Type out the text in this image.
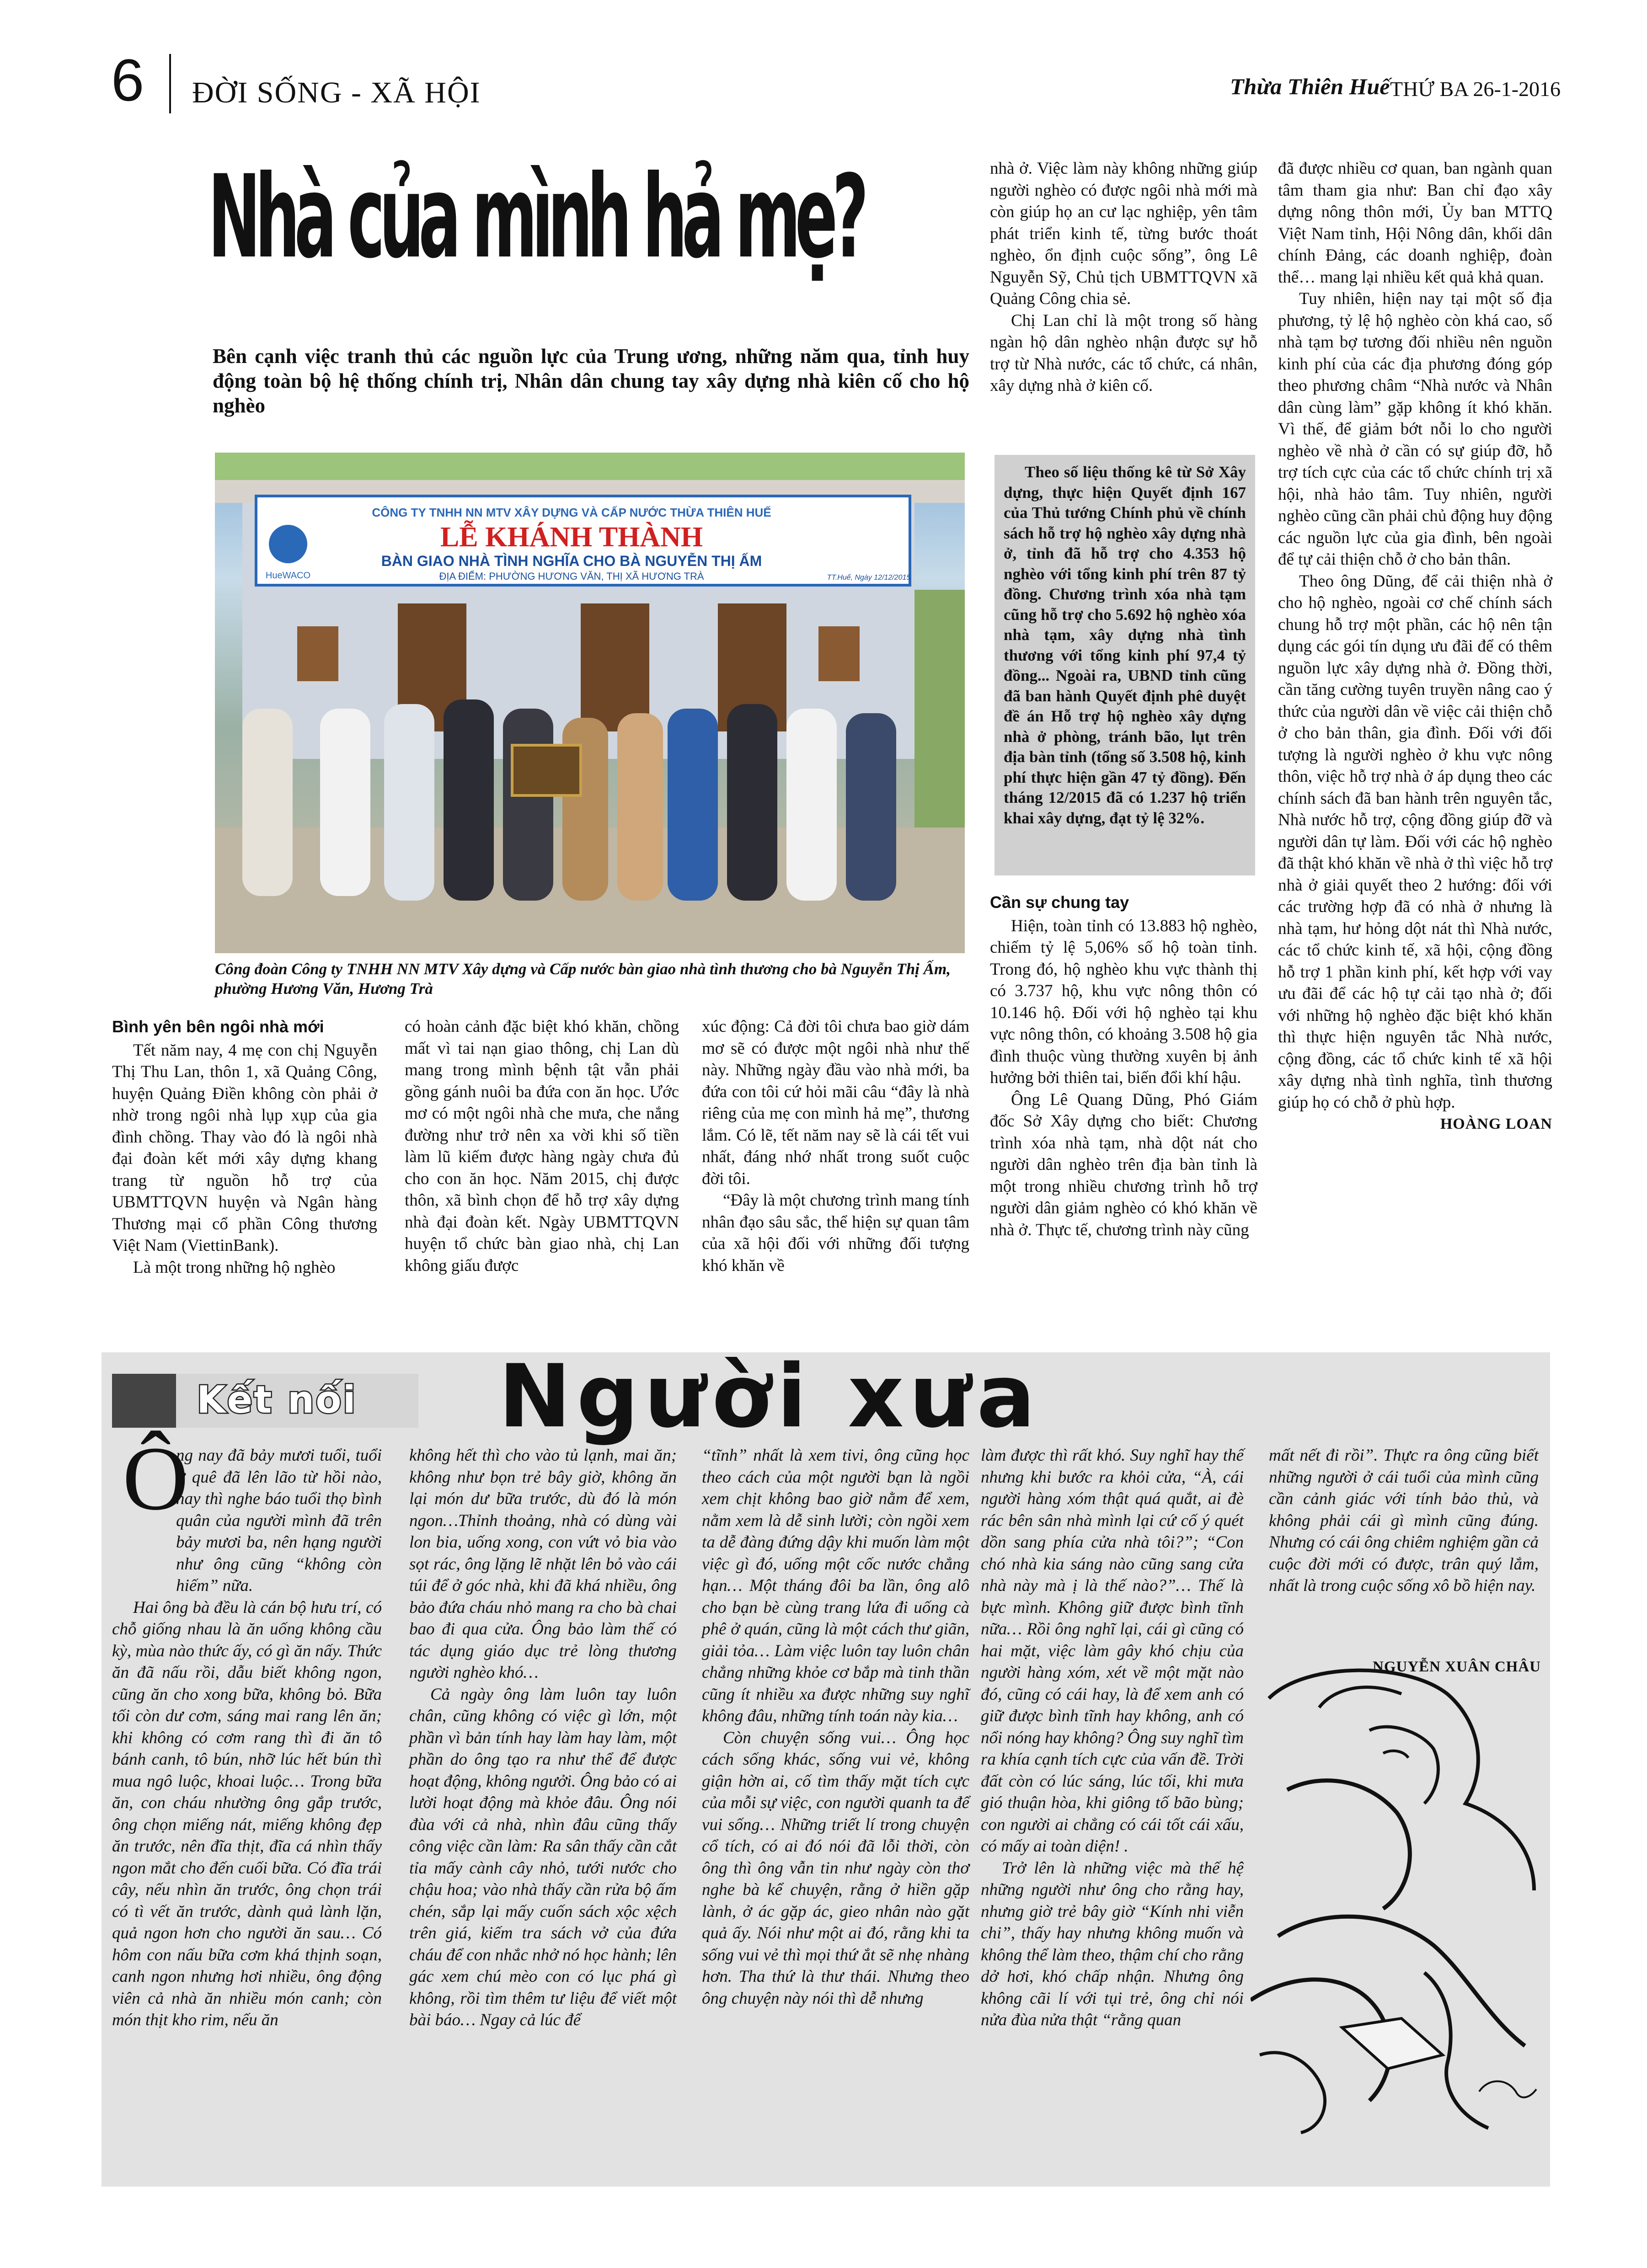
6 ĐỜI SỐNG - XÃ HỘI	Thừa Thiên Huế THỨ BA 26-1-2016
Nhà của mình hả mẹ?
Bên cạnh việc tranh thủ các nguồn lực của Trung ương, những năm qua, tỉnh huy động toàn bộ hệ thống chính trị, Nhân dân chung tay xây dựng nhà kiên cố cho hộ nghèo
HueWACO
CÔNG TY TNHH NN MTV XÂY DỰNG VÀ CẤP NƯỚC THỪA THIÊN HUẾ
LỄ KHÁNH THÀNH
BÀN GIAO NHÀ TÌNH NGHĨA CHO BÀ NGUYỄN THỊ ẤM
ĐỊA ĐIỂM: PHƯỜNG HƯƠNG VĂN, THỊ XÃ HƯƠNG TRÀ	TT.Huế, Ngày 12/12/2015
Công đoàn Công ty TNHH NN MTV Xây dựng và Cấp nước bàn giao nhà tình thương cho bà Nguyễn Thị Ấm, phường Hương Văn, Hương Trà
Bình yên bên ngôi nhà mới

Tết năm nay, 4 mẹ con chị Nguyễn Thị Thu Lan, thôn 1, xã Quảng Công, huyện Quảng Điền không còn phải ở nhờ trong ngôi nhà lụp xụp của gia đình chồng. Thay vào đó là ngôi nhà đại đoàn kết mới xây dựng khang trang từ nguồn hỗ trợ của UBMTTQVN huyện và Ngân hàng Thương mại cổ phần Công thương Việt Nam (ViettinBank).

Là một trong những hộ nghèo

có hoàn cảnh đặc biệt khó khăn, chồng mất vì tai nạn giao thông, chị Lan dù mang trong mình bệnh tật vẫn phải gồng gánh nuôi ba đứa con ăn học. Ước mơ có một ngôi nhà che mưa, che nắng đường như trở nên xa vời khi số tiền làm lũ kiếm được hàng ngày chưa đủ cho con ăn học. Năm 2015, chị được thôn, xã bình chọn để hỗ trợ xây dựng nhà đại đoàn kết. Ngày UBMTTQVN huyện tổ chức bàn giao nhà, chị Lan không giấu được

xúc động: Cả đời tôi chưa bao giờ dám mơ sẽ có được một ngôi nhà như thế này. Những ngày đầu vào nhà mới, ba đứa con tôi cứ hỏi mãi câu “đây là nhà riêng của mẹ con mình hả mẹ”, thương lắm. Có lẽ, tết năm nay sẽ là cái tết vui nhất, đáng nhớ nhất trong suốt cuộc đời tôi.

“Đây là một chương trình mang tính nhân đạo sâu sắc, thể hiện sự quan tâm của xã hội đối với những đối tượng khó khăn về

nhà ở. Việc làm này không những giúp người nghèo có được ngôi nhà mới mà còn giúp họ an cư lạc nghiệp, yên tâm phát triển kinh tế, từng bước thoát nghèo, ổn định cuộc sống”, ông Lê Nguyễn Sỹ, Chủ tịch UBMTTQVN xã Quảng Công chia sẻ.

Chị Lan chỉ là một trong số hàng ngàn hộ dân nghèo nhận được sự hỗ trợ từ Nhà nước, các tổ chức, cá nhân, xây dựng nhà ở kiên cố.

Theo số liệu thống kê từ Sở Xây dựng, thực hiện Quyết định 167 của Thủ tướng Chính phủ về chính sách hỗ trợ hộ nghèo xây dựng nhà ở, tỉnh đã hỗ trợ cho 4.353 hộ nghèo với tổng kinh phí trên 87 tỷ đồng. Chương trình xóa nhà tạm cũng hỗ trợ cho 5.692 hộ nghèo xóa nhà tạm, xây dựng nhà tình thương với tổng kinh phí 97,4 tỷ đồng... Ngoài ra, UBND tỉnh cũng đã ban hành Quyết định phê duyệt đề án Hỗ trợ hộ nghèo xây dựng nhà ở phòng, tránh bão, lụt trên địa bàn tỉnh (tổng số 3.508 hộ, kinh phí thực hiện gần 47 tỷ đồng). Đến tháng 12/2015 đã có 1.237 hộ triển khai xây dựng, đạt tỷ lệ 32%.

Cần sự chung tay

Hiện, toàn tỉnh có 13.883 hộ nghèo, chiếm tỷ lệ 5,06% số hộ toàn tỉnh. Trong đó, hộ nghèo khu vực thành thị có 3.737 hộ, khu vực nông thôn có 10.146 hộ. Đối với hộ nghèo tại khu vực nông thôn, có khoảng 3.508 hộ gia đình thuộc vùng thường xuyên bị ảnh hưởng bởi thiên tai, biến đổi khí hậu.

Ông Lê Quang Dũng, Phó Giám đốc Sở Xây dựng cho biết: Chương trình xóa nhà tạm, nhà dột nát cho người dân nghèo trên địa bàn tỉnh là một trong nhiều chương trình hỗ trợ người dân giảm nghèo có khó khăn về nhà ở. Thực tế, chương trình này cũng

đã được nhiều cơ quan, ban ngành quan tâm tham gia như: Ban chỉ đạo xây dựng nông thôn mới, Ủy ban MTTQ Việt Nam tỉnh, Hội Nông dân, khối dân chính Đảng, các doanh nghiệp, đoàn thể… mang lại nhiều kết quả khả quan.

Tuy nhiên, hiện nay tại một số địa phương, tỷ lệ hộ nghèo còn khá cao, số nhà tạm bợ tương đối nhiều nên nguồn kinh phí của các địa phương đóng góp theo phương châm “Nhà nước và Nhân dân cùng làm” gặp không ít khó khăn. Vì thế, để giảm bớt nỗi lo cho người nghèo về nhà ở cần có sự giúp đỡ, hỗ trợ tích cực của các tổ chức chính trị xã hội, nhà hảo tâm. Tuy nhiên, người nghèo cũng cần phải chủ động huy động các nguồn lực của gia đình, bên ngoài để tự cải thiện chỗ ở cho bản thân.

Theo ông Dũng, để cải thiện nhà ở cho hộ nghèo, ngoài cơ chế chính sách chung hỗ trợ một phần, các hộ nên tận dụng các gói tín dụng ưu đãi để có thêm nguồn lực xây dựng nhà ở. Đồng thời, cần tăng cường tuyên truyền nâng cao ý thức của người dân về việc cải thiện chỗ ở cho bản thân, gia đình. Đối với đối tượng là người nghèo ở khu vực nông thôn, việc hỗ trợ nhà ở áp dụng theo các chính sách đã ban hành trên nguyên tắc, Nhà nước hỗ trợ, cộng đồng giúp đỡ và người dân tự làm. Đối với các hộ nghèo đã thật khó khăn về nhà ở thì việc hỗ trợ nhà ở giải quyết theo 2 hướng: đối với các trường hợp đã có nhà ở nhưng là nhà tạm, hư hỏng dột nát thì Nhà nước, các tổ chức kinh tế, xã hội, cộng đồng hỗ trợ 1 phần kinh phí, kết hợp với vay ưu đãi để các hộ tự cải tạo nhà ở; đối với những hộ nghèo đặc biệt khó khăn thì thực hiện nguyên tắc Nhà nước, cộng đồng, các tổ chức kinh tế xã hội xây dựng nhà tình nghĩa, tình thương giúp họ có chỗ ở phù hợp.

HOÀNG LOAN
Kết nối Người xưa
Ô

ng nay đã bảy mươi tuổi, tuổi ở quê đã lên lão từ hồi nào, nay thì nghe báo tuổi thọ bình quân của người mình đã trên bảy mươi ba, nên hạng người như ông cũng “không còn hiếm” nữa.

Hai ông bà đều là cán bộ hưu trí, có chỗ giống nhau là ăn uống không cầu kỳ, mùa nào thức ấy, có gì ăn nấy. Thức ăn đã nấu rồi, dẫu biết không ngon, cũng ăn cho xong bữa, không bỏ. Bữa tối còn dư cơm, sáng mai rang lên ăn; khi không có cơm rang thì đi ăn tô bánh canh, tô bún, nhỡ lúc hết bún thì mua ngô luộc, khoai luộc… Trong bữa ăn, con cháu nhường ông gắp trước, ông chọn miếng nát, miếng không đẹp ăn trước, nên đĩa thịt, đĩa cá nhìn thấy ngon mắt cho đến cuối bữa. Có đĩa trái cây, nếu nhìn ăn trước, ông chọn trái có tì vết ăn trước, dành quả lành lặn, quả ngon hơn cho người ăn sau… Có hôm con nấu bữa cơm khá thịnh soạn, canh ngon nhưng hơi nhiều, ông động viên cả nhà ăn nhiều món canh; còn món thịt kho rim, nếu ăn

không hết thì cho vào tủ lạnh, mai ăn; không như bọn trẻ bây giờ, không ăn lại món dư bữa trước, dù đó là món ngon…Thỉnh thoảng, nhà có dùng vài lon bia, uống xong, con vứt vỏ bia vào sọt rác, ông lặng lẽ nhặt lên bỏ vào cái túi để ở góc nhà, khi đã khá nhiều, ông bảo đứa cháu nhỏ mang ra cho bà chai bao đi qua cửa. Ông bảo làm thế có tác dụng giáo dục trẻ lòng thương người nghèo khó…

Cả ngày ông làm luôn tay luôn chân, cũng không có việc gì lớn, một phần vì bản tính hay làm hay làm, một phần do ông tạo ra như thể để được hoạt động, không ngưởi. Ông bảo có ai lười hoạt động mà khỏe đâu. Ông nói đùa với cả nhà, nhìn đâu cũng thấy công việc cần làm: Ra sân thấy cần cắt tỉa mấy cành cây nhỏ, tưới nước cho chậu hoa; vào nhà thấy cần rửa bộ ấm chén, sắp lại mấy cuốn sách xộc xệch trên giá, kiếm tra sách vở của đứa cháu để con nhắc nhở nó học hành; lên gác xem chú mèo con có lục phá gì không, rồi tìm thêm tư liệu để viết một bài báo… Ngay cả lúc để

“tĩnh” nhất là xem tivi, ông cũng học theo cách của một người bạn là ngồi xem chịt không bao giờ nằm để xem, nằm xem là dễ sinh lười; còn ngồi xem ta dễ đàng đứng dậy khi muốn làm một việc gì đó, uống một cốc nước chẳng hạn… Một tháng đôi ba lần, ông alô cho bạn bè cùng trang lứa đi uống cà phê ở quán, cũng là một cách thư giãn, giải tỏa… Làm việc luôn tay luôn chân chẳng những khỏe cơ bắp mà tinh thần cũng ít nhiều xa được những suy nghĩ không đâu, những tính toán này kia…

Còn chuyện sống vui… Ông học cách sống khác, sống vui vẻ, không giận hờn ai, cố tìm thấy mặt tích cực của mỗi sự việc, con người quanh ta để vui sống… Những triết lí trong chuyện cổ tích, có ai đó nói đã lỗi thời, còn ông thì ông vẫn tin như ngày còn thơ nghe bà kể chuyện, rằng ở hiền gặp lành, ở ác gặp ác, gieo nhân nào gặt quả ấy. Nói như một ai đó, rằng khi ta sống vui vẻ thì mọi thứ ắt sẽ nhẹ nhàng hơn. Tha thứ là thư thái. Nhưng theo ông chuyện này nói thì dễ nhưng

làm được thì rất khó. Suy nghĩ hay thế nhưng khi bước ra khỏi cửa, “À, cái người hàng xóm thật quá quắt, ai đè rác bên sân nhà mình lại cứ cố ý quét dồn sang phía cửa nhà tôi?”; “Con chó nhà kia sáng nào cũng sang cửa nhà này mà ị là thế nào?”… Thế là bực mình. Không giữ được bình tĩnh nữa… Rồi ông nghĩ lại, cái gì cũng có hai mặt, việc làm gây khó chịu của người hàng xóm, xét về một mặt nào đó, cũng có cái hay, là để xem anh có giữ được bình tĩnh hay không, anh có nổi nóng hay không? Ông suy nghĩ tìm ra khía cạnh tích cực của vấn đề. Trời đất còn có lúc sáng, lúc tối, khi mưa gió thuận hòa, khi giông tố bão bùng; con người ai chẳng có cái tốt cái xấu, có mấy ai toàn diện! .

Trở lên là những việc mà thế hệ những người như ông cho rằng hay, nhưng giờ trẻ bây giờ “Kính nhi viễn chi”, thấy hay nhưng không muốn và không thể làm theo, thậm chí cho rằng dở hơi, khó chấp nhận. Nhưng ông không cãi lí với tụi trẻ, ông chỉ nói nửa đùa nửa thật “rằng quan

mất nết đi rồi”. Thực ra ông cũng biết những người ở cái tuổi của mình cũng cần cảnh giác với tính bảo thủ, và không phải cái gì mình cũng đúng. Nhưng có cái ông chiêm nghiệm gần cả cuộc đời mới có được, trân quý lắm, nhất là trong cuộc sống xô bồ hiện nay.

NGUYỄN XUÂN CHÂU
